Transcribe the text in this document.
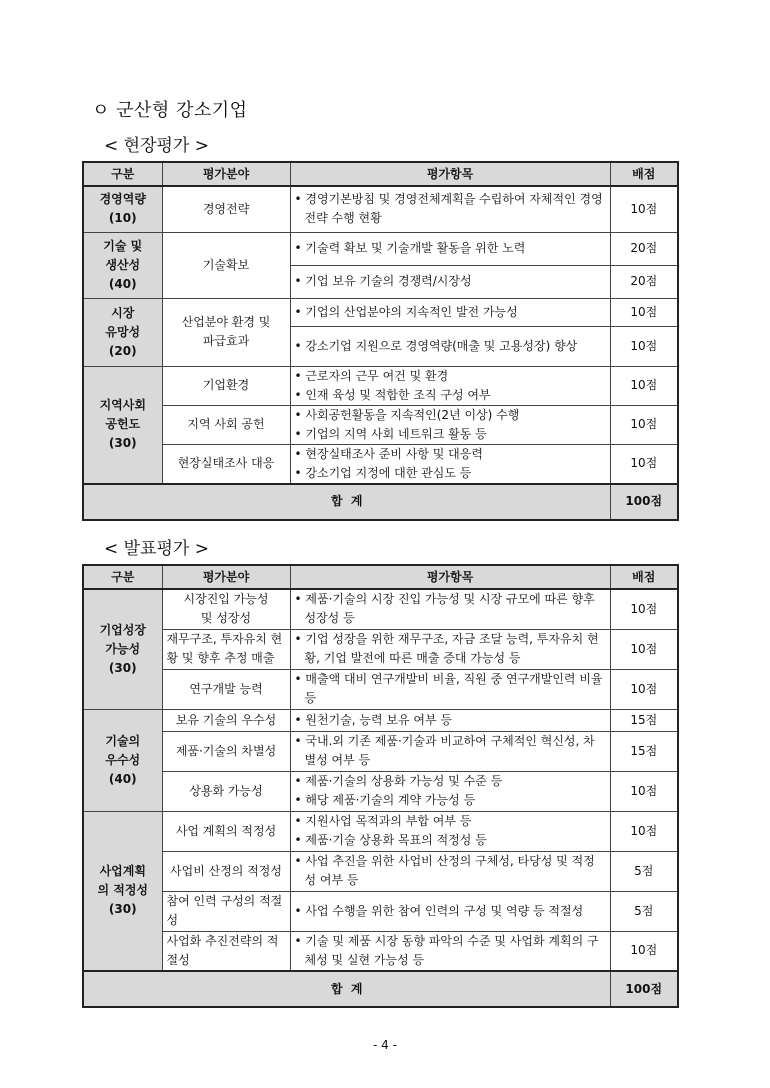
ㅇ 군산형 강소기업
< 현장평가 >
< 발표평가 >
구분	평가분야	평가항목	배점
경영역량
(10)	경영전략	• 경영기본방침 및 경영전체계획을 수립하여 자체적인 경영 전략 수행 현황	10점
기술 및
생산성
(40)	기술확보	• 기술력 확보 및 기술개발 활동을 위한 노력	20점

		• 기업 보유 기술의 경쟁력/시장성	20점
시장
유망성
(20)	산업분야 환경 및
파급효과	• 기업의 산업분야의 지속적인 발전 가능성	10점

		• 강소기업 지원으로 경영역량(매출 및 고용성장) 향상	10점
지역사회
공헌도
(30)	기업환경	• 근로자의 근무 여건 및 환경
• 인재 육성 및 적합한 조직 구성 여부	10점
	지역 사회 공헌	• 사회공헌활동을 지속적인(2년 이상) 수행
• 기업의 지역 사회 네트워크 활동 등	10점
	현장실태조사 대응	• 현장실태조사 준비 사항 및 대응력
• 강소기업 지정에 대한 관심도 등	10점
합  계			100점
구분	평가분야	평가항목	배점
기업성장
가능성
(30)	시장진입 가능성
및 성장성	• 제품·기술의 시장 진입 가능성 및 시장 규모에 따른 향후 성장성 등	10점
	재무구조, 투자유치 현황 및 향후 추정 매출	• 기업 성장을 위한 재무구조, 자금 조달 능력, 투자유치 현황, 기업 발전에 따른 매출 증대 가능성 등	10점
	연구개발 능력	• 매출액 대비 연구개발비 비율, 직원 중 연구개발인력 비율 등	10점
기술의
우수성
(40)	보유 기술의 우수성	• 원천기술, 능력 보유 여부 등	15점
	제품·기술의 차별성	• 국내.외 기존 제품·기술과 비교하여 구체적인 혁신성, 차별성 여부 등	15점
	상용화 가능성	• 제품·기술의 상용화 가능성 및 수준 등
• 해당 제품·기술의 계약 가능성 등	10점
사업계획
의 적정성
(30)	사업 계획의 적정성	• 지원사업 목적과의 부합 여부 등
• 제품·기술 상용화 목표의 적정성 등	10점
	사업비 산정의 적정성	• 사업 추진을 위한 사업비 산정의 구체성, 타당성 및 적정성 여부 등	5점
	참여 인력 구성의 적절성	• 사업 수행을 위한 참여 인력의 구성 및 역량 등 적절성	5점
	사업화 추진전략의 적절성	• 기술 및 제품 시장 동향 파악의 수준 및 사업화 계획의 구체성 및 실현 가능성 등	10점
합  계			100점
- 4 -
